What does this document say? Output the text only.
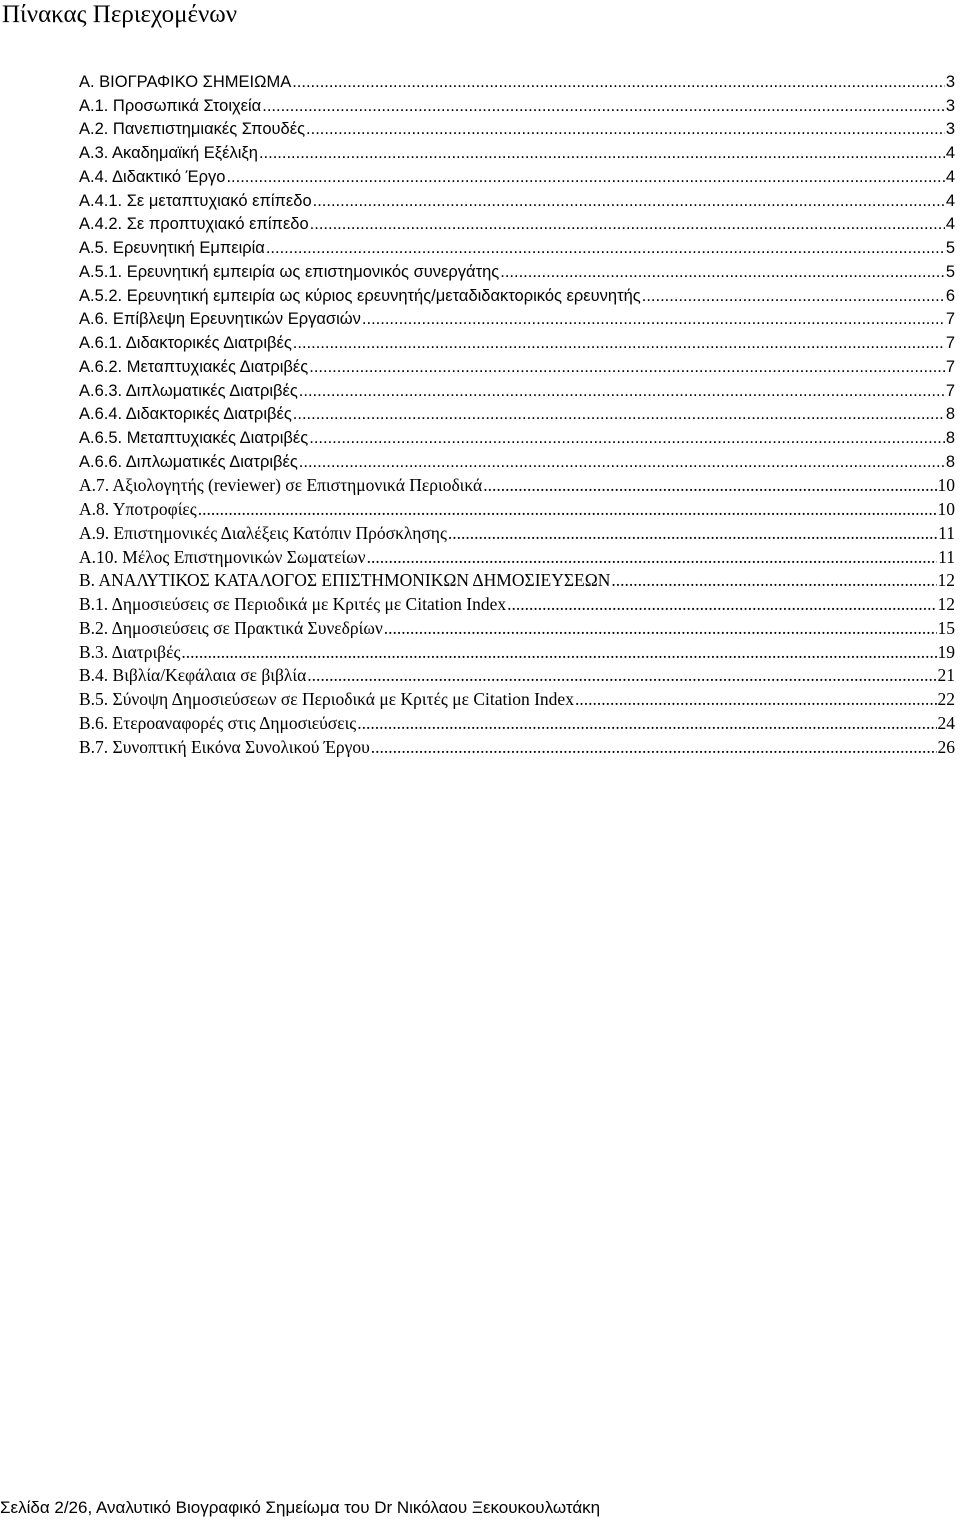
Πίνακας Περιεχομένων
Α. ΒΙΟΓΡΑΦΙΚΟ ΣΗΜΕΙΩΜΑ .....	3
Α.1. Προσωπικά Στοιχεία .....	3
Α.2. Πανεπιστημιακές Σπουδές .....	3
Α.3. Ακαδημαϊκή Εξέλιξη .....	4
Α.4. Διδακτικό Έργο .....	4
Α.4.1. Σε μεταπτυχιακό επίπεδο .....	4
Α.4.2. Σε προπτυχιακό επίπεδο .....	4
Α.5. Ερευνητική Εμπειρία .....	5
Α.5.1. Ερευνητική εμπειρία ως επιστημονικός συνεργάτης .....	5
Α.5.2. Ερευνητική εμπειρία ως κύριος ερευνητής/μεταδιδακτορικός ερευνητής .....	6
Α.6. Επίβλεψη Ερευνητικών Εργασιών .....	7
Α.6.1. Διδακτορικές Διατριβές .....	7
Α.6.2. Μεταπτυχιακές Διατριβές .....	7
Α.6.3. Διπλωματικές Διατριβές .....	7
Α.6.4. Διδακτορικές Διατριβές .....	8
Α.6.5. Μεταπτυχιακές Διατριβές .....	8
Α.6.6. Διπλωματικές Διατριβές .....	8
Α.7. Αξιολογητής (reviewer) σε Επιστημονικά Περιοδικά .....	10
Α.8. Υποτροφίες .....	10
Α.9. Επιστημονικές Διαλέξεις Κατόπιν Πρόσκλησης .....	11
Α.10. Μέλος Επιστημονικών Σωματείων .....	11
Β. ΑΝΑΛΥΤΙΚΟΣ ΚΑΤΑΛΟΓΟΣ ΕΠΙΣΤΗΜΟΝΙΚΩΝ ΔΗΜΟΣΙΕΥΣΕΩΝ .....	12
Β.1. Δημοσιεύσεις σε Περιοδικά με Κριτές με Citation Index .....	12
Β.2. Δημοσιεύσεις σε Πρακτικά Συνεδρίων .....	15
Β.3. Διατριβές .....	19
Β.4. Βιβλία/Κεφάλαια σε βιβλία .....	21
Β.5. Σύνοψη Δημοσιεύσεων σε Περιοδικά με Κριτές με Citation Index .....	22
Β.6. Ετεροαναφορές στις Δημοσιεύσεις .....	24
Β.7. Συνοπτική Εικόνα Συνολικού Έργου .....	26
Σελίδα 2/26, Αναλυτικό Βιογραφικό Σημείωμα του Dr Νικόλαου Ξεκουκουλωτάκη
